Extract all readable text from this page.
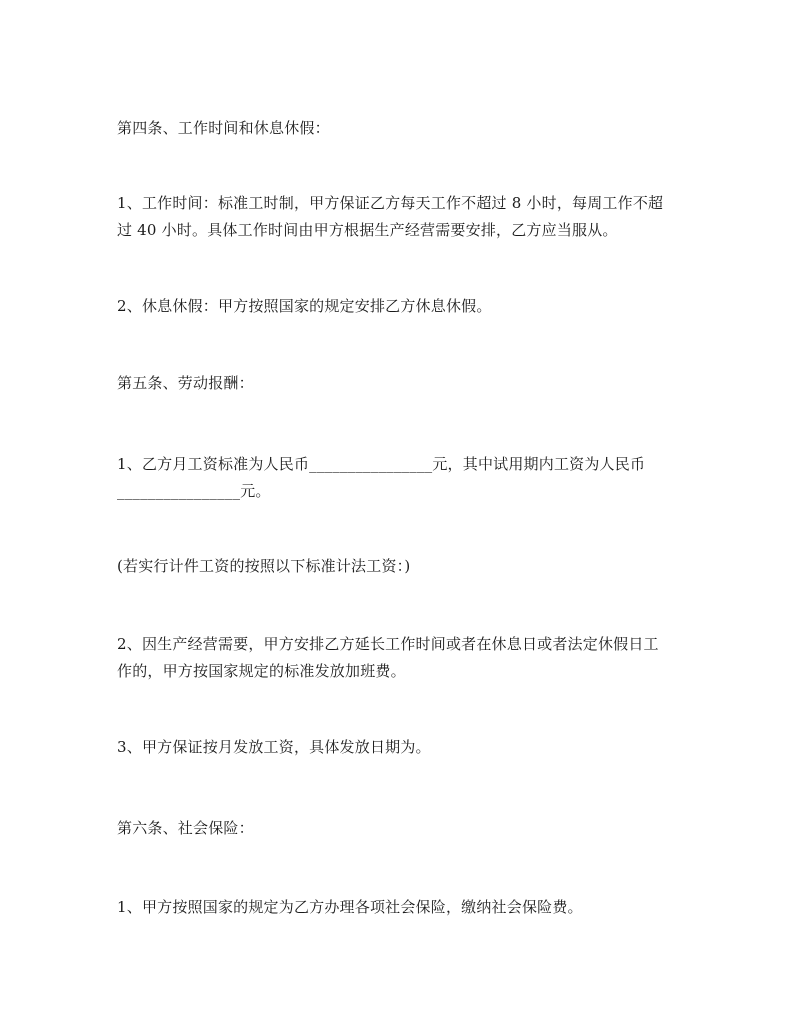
第四条、工作时间和休息休假：

1、工作时间：标准工时制，甲方保证乙方每天工作不超过 8 小时，每周工作不超
过 40 小时。具体工作时间由甲方根据生产经营需要安排，乙方应当服从。

2、休息休假：甲方按照国家的规定安排乙方休息休假。

第五条、劳动报酬：

1、乙方月工资标准为人民币________________元，其中试用期内工资为人民币
________________元。

(若实行计件工资的按照以下标准计法工资：)

2、因生产经营需要，甲方安排乙方延长工作时间或者在休息日或者法定休假日工
作的，甲方按国家规定的标准发放加班费。

3、甲方保证按月发放工资，具体发放日期为。

第六条、社会保险：

1、甲方按照国家的规定为乙方办理各项社会保险，缴纳社会保险费。
